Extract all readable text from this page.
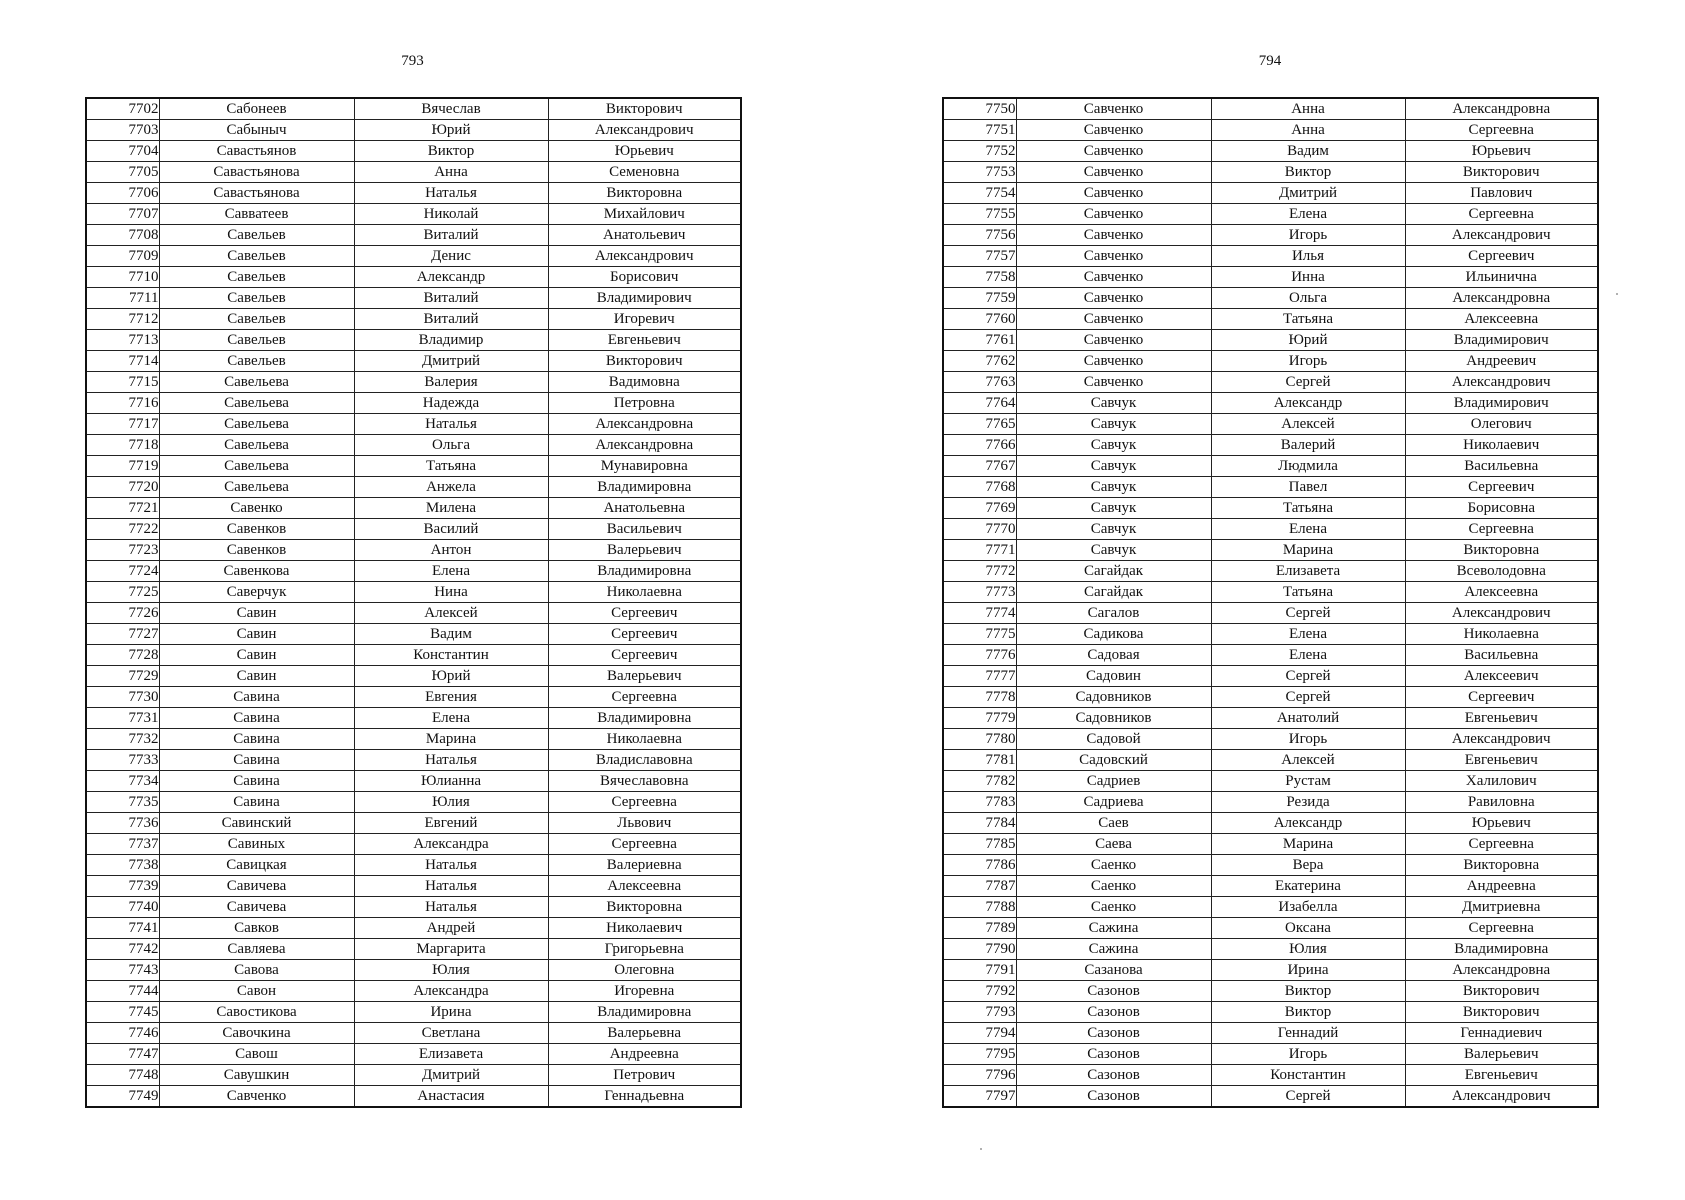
793
7702	Сабонеев	Вячеслав	Викторович
7703	Сабыныч	Юрий	Александрович
7704	Савастьянов	Виктор	Юрьевич
7705	Савастьянова	Анна	Семеновна
7706	Савастьянова	Наталья	Викторовна
7707	Савватеев	Николай	Михайлович
7708	Савельев	Виталий	Анатольевич
7709	Савельев	Денис	Александрович
7710	Савельев	Александр	Борисович
7711	Савельев	Виталий	Владимирович
7712	Савельев	Виталий	Игоревич
7713	Савельев	Владимир	Евгеньевич
7714	Савельев	Дмитрий	Викторович
7715	Савельева	Валерия	Вадимовна
7716	Савельева	Надежда	Петровна
7717	Савельева	Наталья	Александровна
7718	Савельева	Ольга	Александровна
7719	Савельева	Татьяна	Мунавировна
7720	Савельева	Анжела	Владимировна
7721	Савенко	Милена	Анатольевна
7722	Савенков	Василий	Васильевич
7723	Савенков	Антон	Валерьевич
7724	Савенкова	Елена	Владимировна
7725	Саверчук	Нина	Николаевна
7726	Савин	Алексей	Сергеевич
7727	Савин	Вадим	Сергеевич
7728	Савин	Константин	Сергеевич
7729	Савин	Юрий	Валерьевич
7730	Савина	Евгения	Сергеевна
7731	Савина	Елена	Владимировна
7732	Савина	Марина	Николаевна
7733	Савина	Наталья	Владиславовна
7734	Савина	Юлианна	Вячеславовна
7735	Савина	Юлия	Сергеевна
7736	Савинский	Евгений	Львович
7737	Савиных	Александра	Сергеевна
7738	Савицкая	Наталья	Валериевна
7739	Савичева	Наталья	Алексеевна
7740	Савичева	Наталья	Викторовна
7741	Савков	Андрей	Николаевич
7742	Савляева	Маргарита	Григорьевна
7743	Савова	Юлия	Олеговна
7744	Савон	Александра	Игоревна
7745	Савостикова	Ирина	Владимировна
7746	Савочкина	Светлана	Валерьевна
7747	Савош	Елизавета	Андреевна
7748	Савушкин	Дмитрий	Петрович
7749	Савченко	Анастасия	Геннадьевна
794
7750	Савченко	Анна	Александровна
7751	Савченко	Анна	Сергеевна
7752	Савченко	Вадим	Юрьевич
7753	Савченко	Виктор	Викторович
7754	Савченко	Дмитрий	Павлович
7755	Савченко	Елена	Сергеевна
7756	Савченко	Игорь	Александрович
7757	Савченко	Илья	Сергеевич
7758	Савченко	Инна	Ильинична
7759	Савченко	Ольга	Александровна
7760	Савченко	Татьяна	Алексеевна
7761	Савченко	Юрий	Владимирович
7762	Савченко	Игорь	Андреевич
7763	Савченко	Сергей	Александрович
7764	Савчук	Александр	Владимирович
7765	Савчук	Алексей	Олегович
7766	Савчук	Валерий	Николаевич
7767	Савчук	Людмила	Васильевна
7768	Савчук	Павел	Сергеевич
7769	Савчук	Татьяна	Борисовна
7770	Савчук	Елена	Сергеевна
7771	Савчук	Марина	Викторовна
7772	Сагайдак	Елизавета	Всеволодовна
7773	Сагайдак	Татьяна	Алексеевна
7774	Сагалов	Сергей	Александрович
7775	Садикова	Елена	Николаевна
7776	Садовая	Елена	Васильевна
7777	Садовин	Сергей	Алексеевич
7778	Садовников	Сергей	Сергеевич
7779	Садовников	Анатолий	Евгеньевич
7780	Садовой	Игорь	Александрович
7781	Садовский	Алексей	Евгеньевич
7782	Садриев	Рустам	Халилович
7783	Садриева	Резида	Равиловна
7784	Саев	Александр	Юрьевич
7785	Саева	Марина	Сергеевна
7786	Саенко	Вера	Викторовна
7787	Саенко	Екатерина	Андреевна
7788	Саенко	Изабелла	Дмитриевна
7789	Сажина	Оксана	Сергеевна
7790	Сажина	Юлия	Владимировна
7791	Сазанова	Ирина	Александровна
7792	Сазонов	Виктор	Викторович
7793	Сазонов	Виктор	Викторович
7794	Сазонов	Геннадий	Геннадиевич
7795	Сазонов	Игорь	Валерьевич
7796	Сазонов	Константин	Евгеньевич
7797	Сазонов	Сергей	Александрович
